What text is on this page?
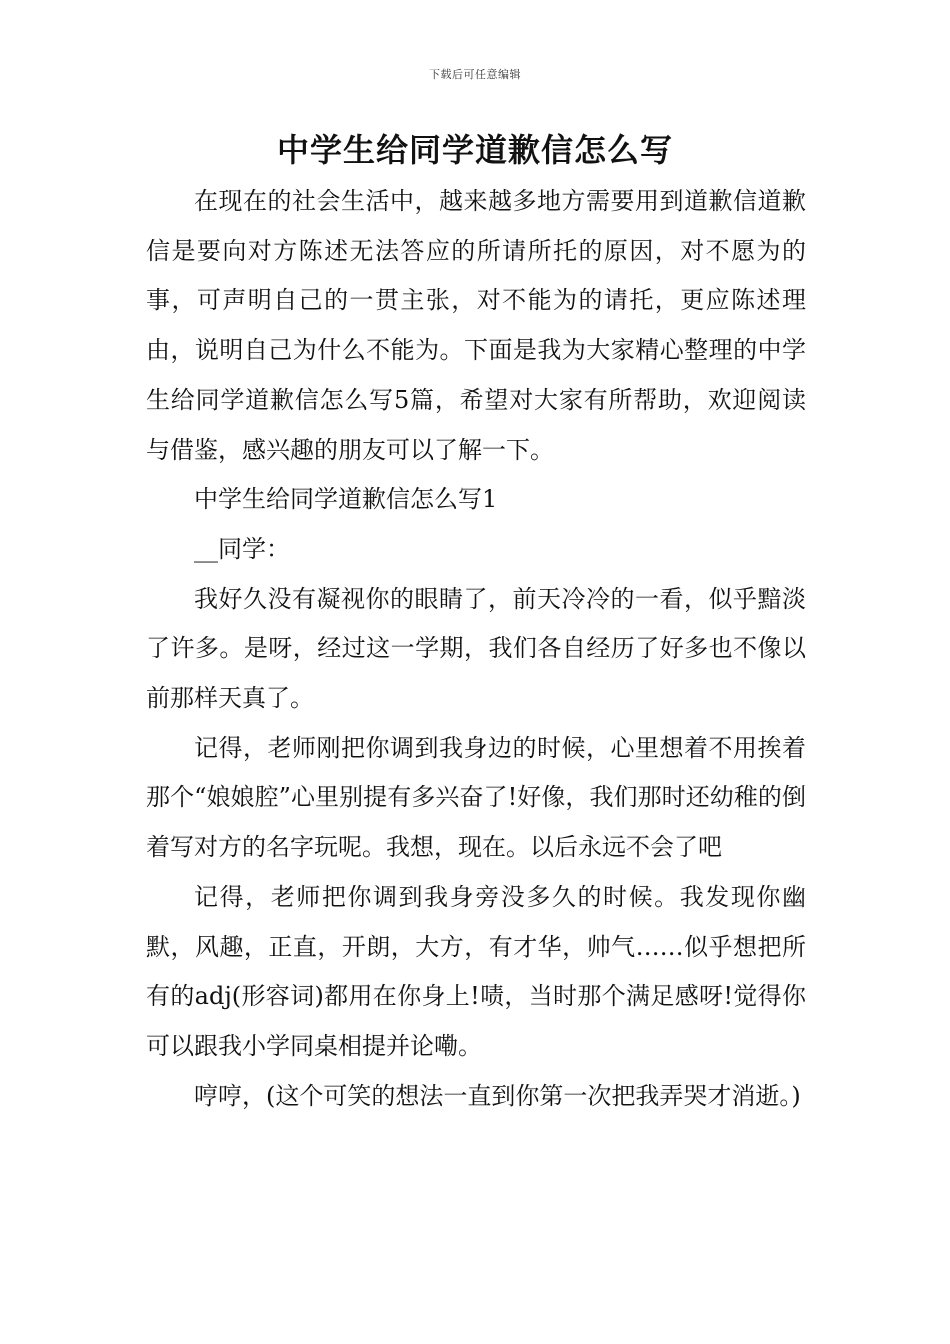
下载后可任意编辑
中学生给同学道歉信怎么写

在现在的社会生活中，越来越多地方需要用到道歉信道歉信是要向对方陈述无法答应的所请所托的原因，对不愿为的事，可声明自己的一贯主张，对不能为的请托，更应陈述理由，说明自己为什么不能为。下面是我为大家精心整理的中学生给同学道歉信怎么写5篇，希望对大家有所帮助，欢迎阅读与借鉴，感兴趣的朋友可以了解一下。

中学生给同学道歉信怎么写1

__同学：

我好久没有凝视你的眼睛了，前天冷冷的一看，似乎黯淡了许多。是呀，经过这一学期，我们各自经历了好多也不像以前那样天真了。

记得，老师刚把你调到我身边的时候，心里想着不用挨着那个“娘娘腔”心里别提有多兴奋了!好像，我们那时还幼稚的倒着写对方的名字玩呢。我想，现在。以后永远不会了吧

记得，老师把你调到我身旁没多久的时候。我发现你幽默，风趣，正直，开朗，大方，有才华，帅气……似乎想把所有的adj(形容词)都用在你身上!啧，当时那个满足感呀!觉得你可以跟我小学同桌相提并论嘞。

哼哼，(这个可笑的想法一直到你第一次把我弄哭才消逝。)
